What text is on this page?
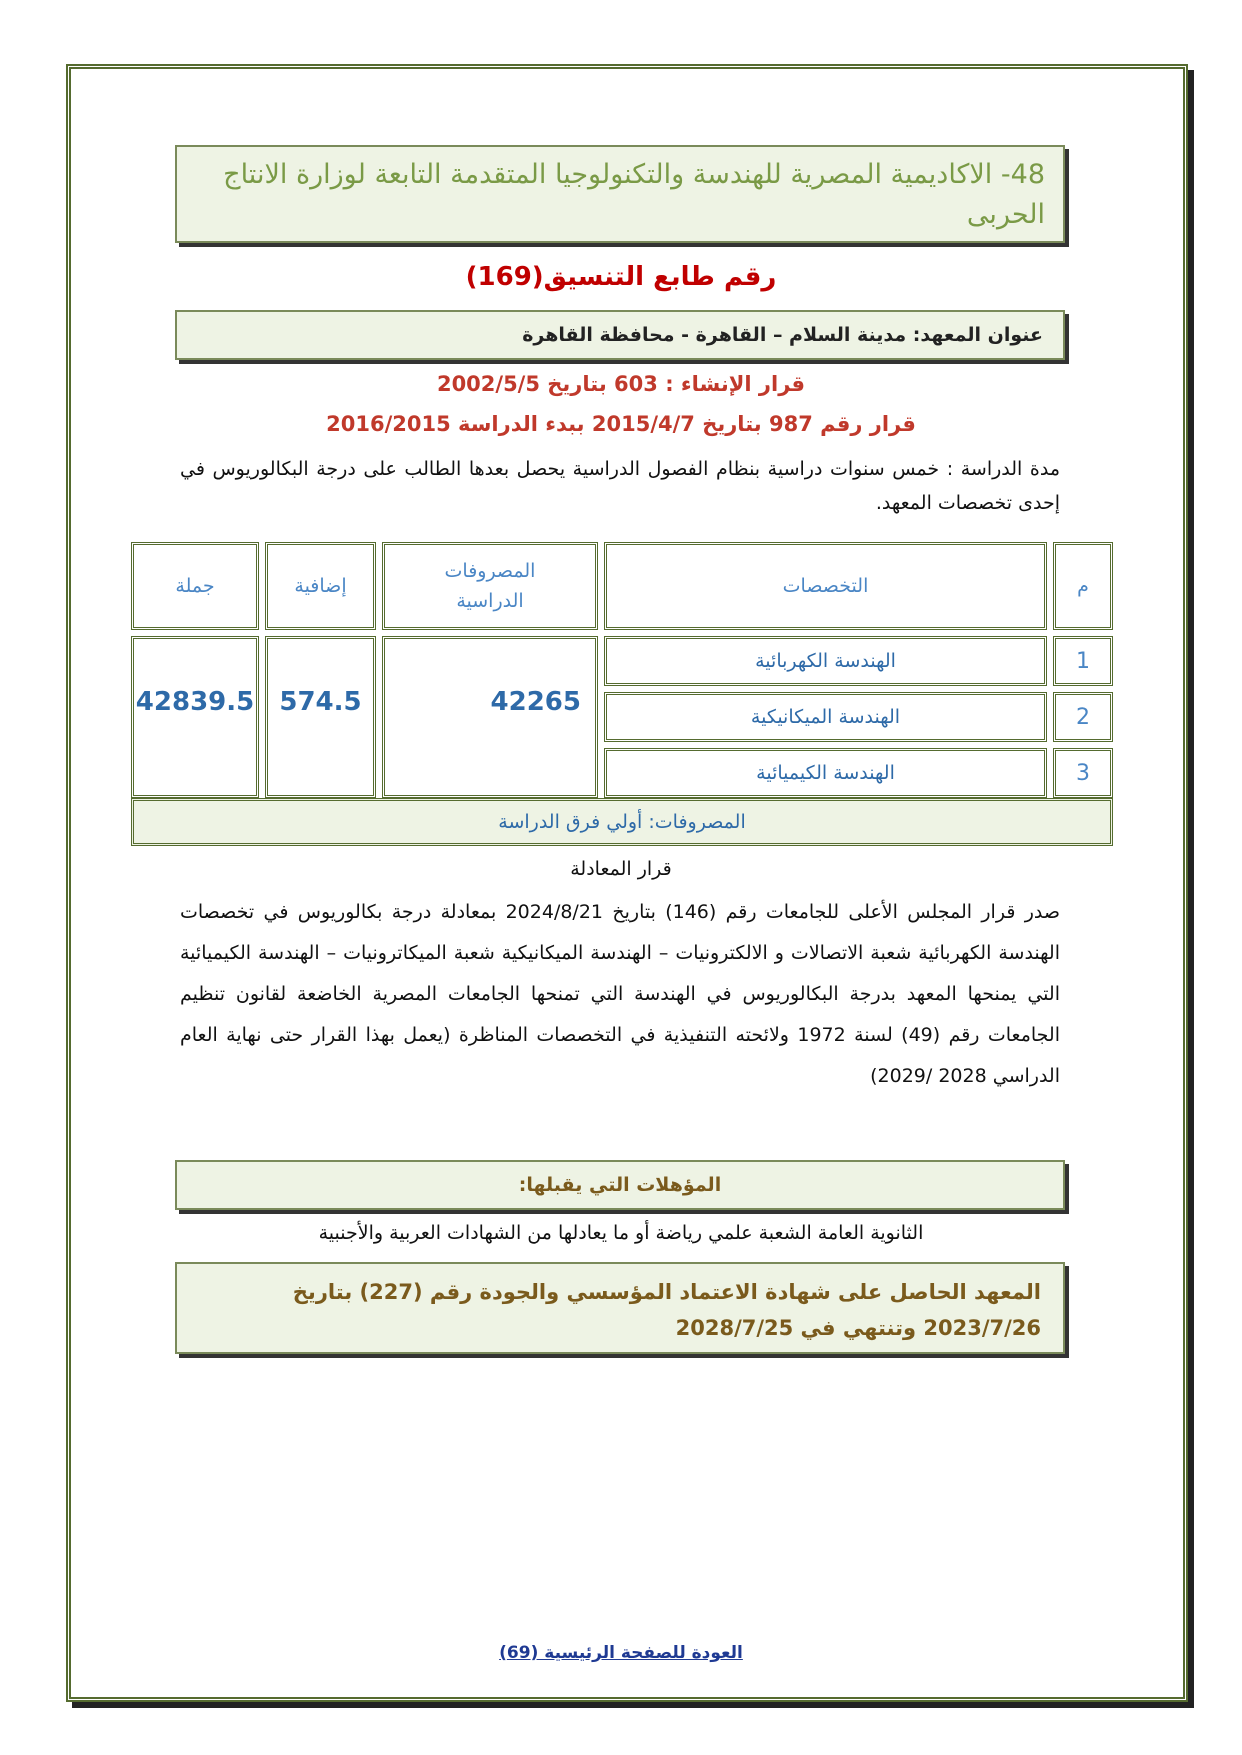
48- الاكاديمية المصرية للهندسة والتكنولوجيا المتقدمة التابعة لوزارة الانتاج الحربى
رقم طابع التنسيق(169)
عنوان المعهد: مدينة السلام – القاهرة - محافظة القاهرة
قرار الإنشاء : 603 بتاريخ 2002/5/5
قرار رقم 987 بتاريخ 2015/4/7 ببدء الدراسة 2016/2015
مدة الدراسة : خمس سنوات دراسية بنظام الفصول الدراسية يحصل بعدها الطالب على درجة البكالوريوس في إحدى تخصصات المعهد.
م
التخصصات
المصروفات الدراسية
إضافية
جملة
1
الهندسة الكهربائية
2
الهندسة الميكانيكية
3
الهندسة الكيميائية
42265
574.5
42839.5
المصروفات: أولي فرق الدراسة
قرار المعادلة
صدر قرار المجلس الأعلى للجامعات رقم (146) بتاريخ 2024/8/21 بمعادلة درجة بكالوريوس في تخصصات الهندسة الكهربائية شعبة الاتصالات و الالكترونيات – الهندسة الميكانيكية شعبة الميكاترونيات – الهندسة الكيميائية التي يمنحها المعهد بدرجة البكالوريوس في الهندسة التي تمنحها الجامعات المصرية الخاضعة لقانون تنظيم الجامعات رقم (49) لسنة 1972 ولائحته التنفيذية في التخصصات المناظرة (يعمل بهذا القرار حتى نهاية العام الدراسي 2028 /2029)
المؤهلات التي يقبلها:
الثانوية العامة الشعبة علمي رياضة أو ما يعادلها من الشهادات العربية والأجنبية
المعهد الحاصل على شهادة الاعتماد المؤسسي والجودة رقم (227) بتاريخ 2023/7/26 وتنتهي في 2028/7/25
العودة للصفحة الرئيسية (69)
